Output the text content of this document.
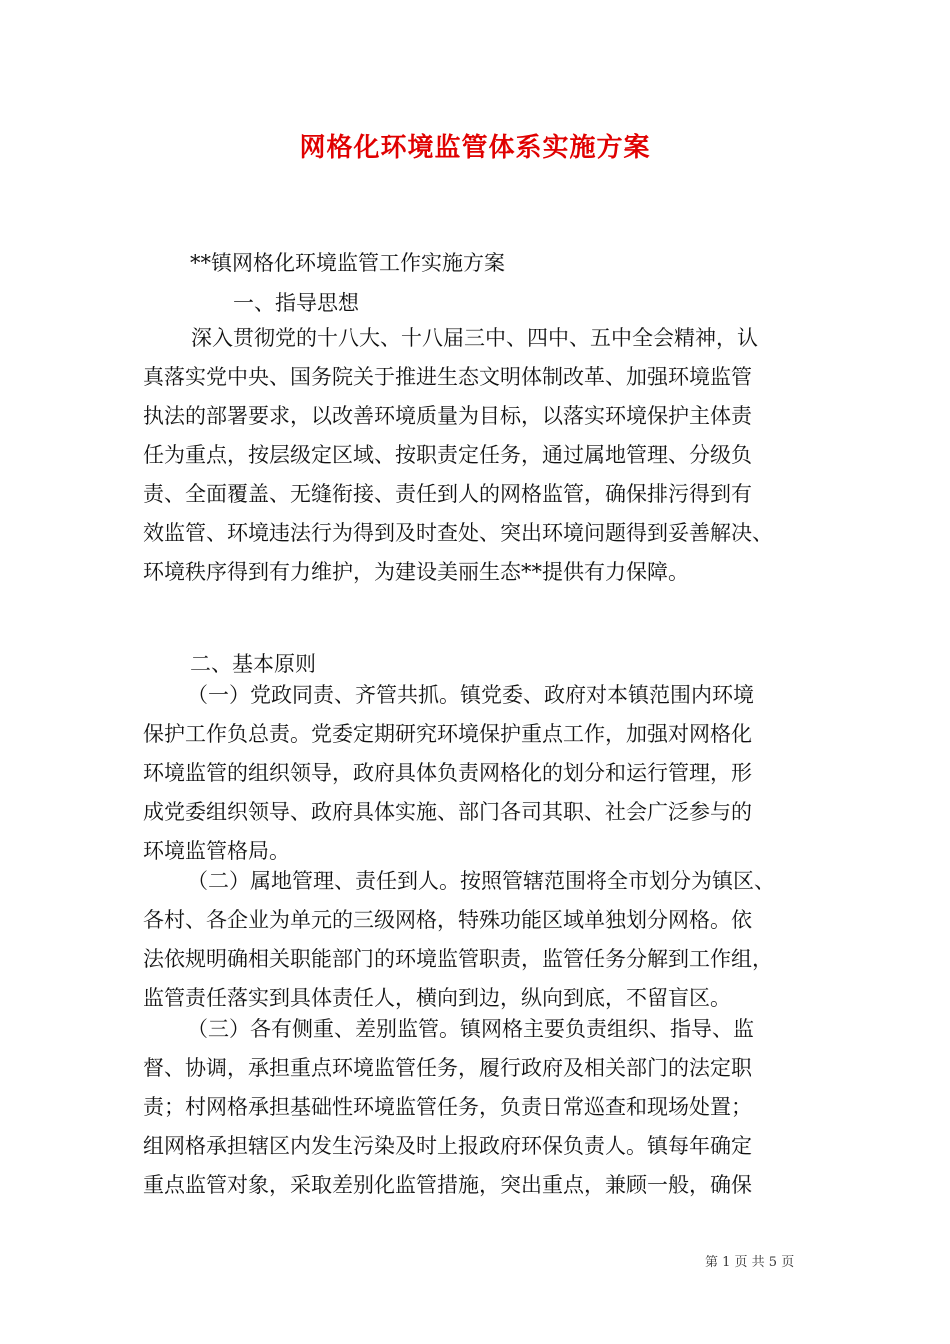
网格化环境监管体系实施方案
**镇网格化环境监管工作实施方案
一、指导思想
深入贯彻党的十八大、十八届三中、四中、五中全会精神，认
真落实党中央、国务院关于推进生态文明体制改革、加强环境监管
执法的部署要求，以改善环境质量为目标，以落实环境保护主体责
任为重点，按层级定区域、按职责定任务，通过属地管理、分级负
责、全面覆盖、无缝衔接、责任到人的网格监管，确保排污得到有
效监管、环境违法行为得到及时查处、突出环境问题得到妥善解决、
环境秩序得到有力维护，为建设美丽生态**提供有力保障。
二、基本原则
（一）党政同责、齐管共抓。镇党委、政府对本镇范围内环境
保护工作负总责。党委定期研究环境保护重点工作，加强对网格化
环境监管的组织领导，政府具体负责网格化的划分和运行管理，形
成党委组织领导、政府具体实施、部门各司其职、社会广泛参与的
环境监管格局。
（二）属地管理、责任到人。按照管辖范围将全市划分为镇区、
各村、各企业为单元的三级网格，特殊功能区域单独划分网格。依
法依规明确相关职能部门的环境监管职责，监管任务分解到工作组，
监管责任落实到具体责任人，横向到边，纵向到底，不留盲区。
（三）各有侧重、差别监管。镇网格主要负责组织、指导、监
督、协调，承担重点环境监管任务，履行政府及相关部门的法定职
责；村网格承担基础性环境监管任务，负责日常巡查和现场处置；
组网格承担辖区内发生污染及时上报政府环保负责人。镇每年确定
重点监管对象，采取差别化监管措施，突出重点，兼顾一般，确保
第 1 页 共 5 页
